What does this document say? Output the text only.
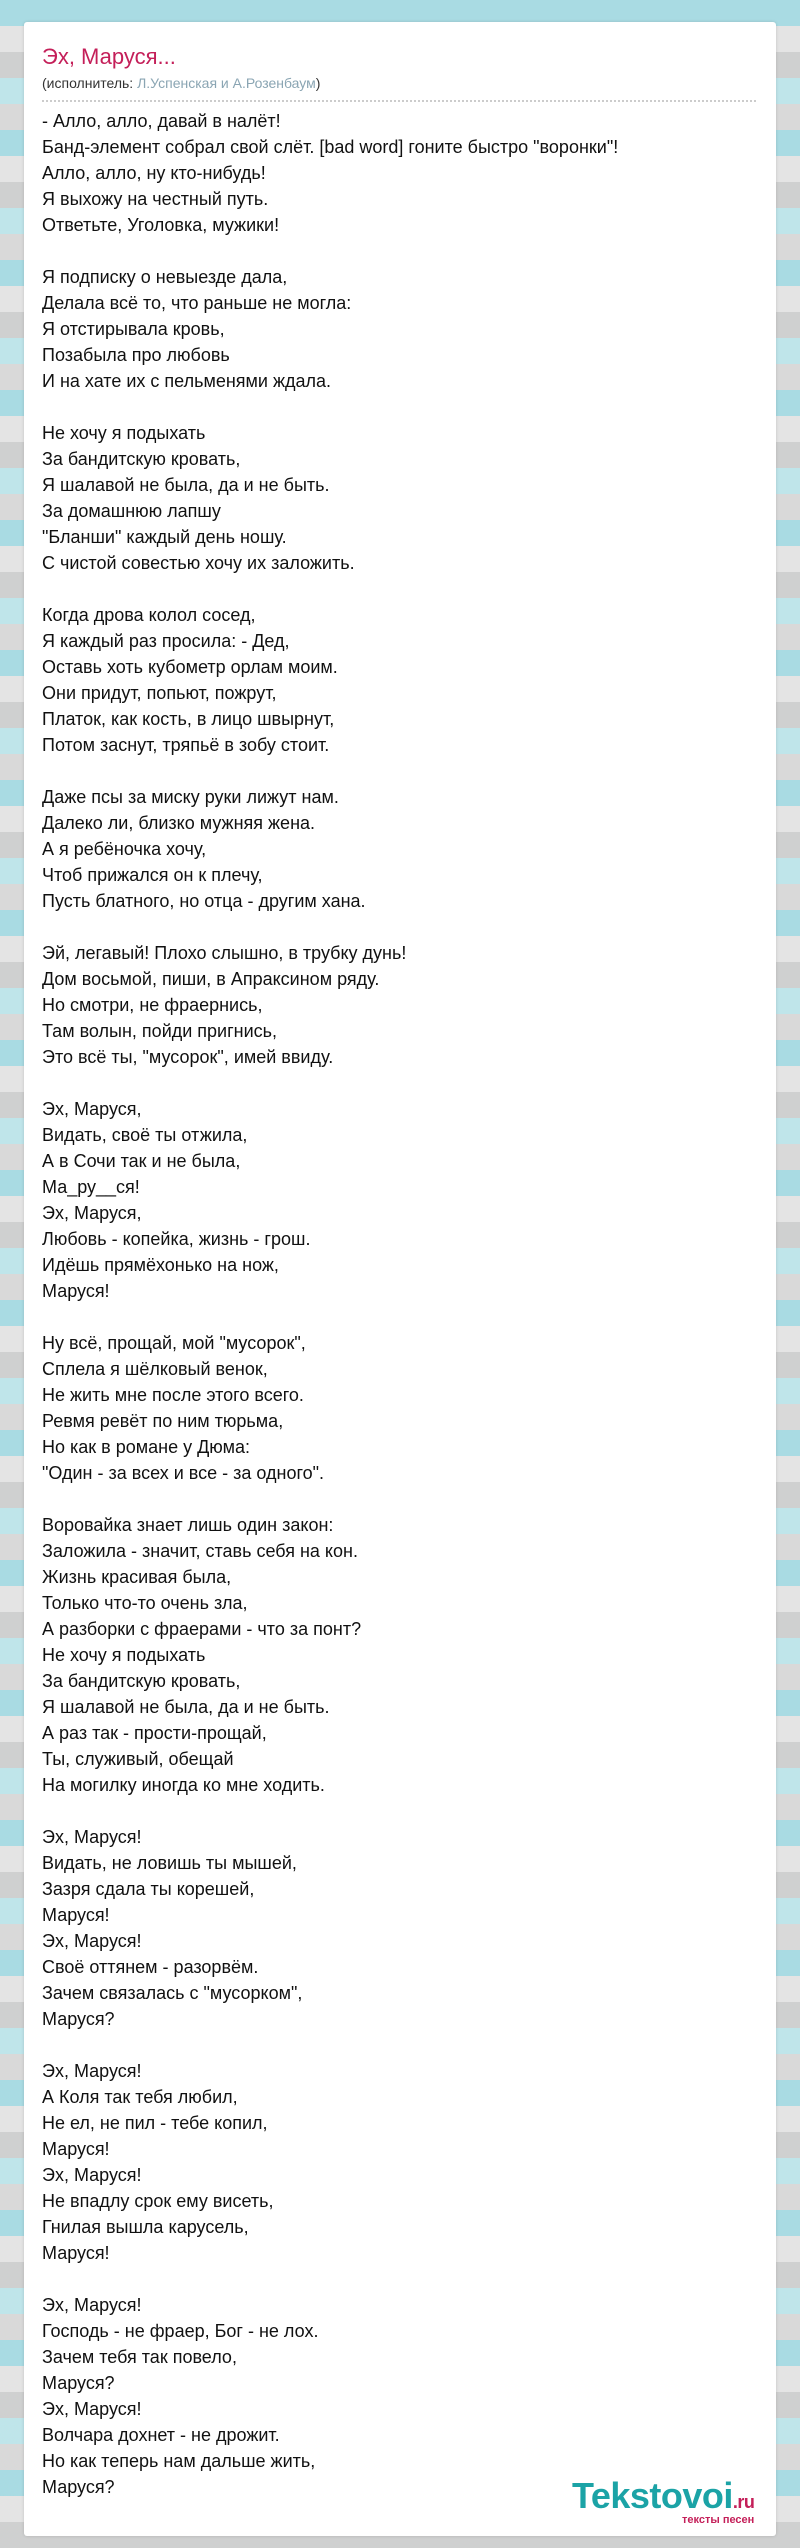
Эх, Маруся...
(исполнитель: Л.Успенская и А.Розенбаум)
- Алло, алло, давай в налёт!
Банд-элемент собрал свой слёт. [bad word] гоните быстро "воронки"!
Алло, алло, ну кто-нибудь!
Я выхожу на честный путь.
Ответьте, Уголовка, мужики!
Я подписку о невыезде дала,
Делала всё то, что раньше не могла:
Я отстирывала кровь,
Позабыла про любовь
И на хате их с пельменями ждала.
Не хочу я подыхать
За бандитскую кровать,
Я шалавой не была, да и не быть.
За домашнюю лапшу
"Бланши" каждый день ношу.
С чистой совестью хочу их заложить.
Когда дрова колол сосед,
Я каждый раз просила: - Дед,
Оставь хоть кубометр орлам моим.
Они придут, попьют, пожрут,
Платок, как кость, в лицо швырнут,
Потом заснут, тряпьё в зобу стоит.
Даже псы за миску руки лижут нам.
Далеко ли, близко мужняя жена.
А я ребёночка хочу,
Чтоб прижался он к плечу,
Пусть блатного, но отца - другим хана.
Эй, легавый! Плохо слышно, в трубку дунь!
Дом восьмой, пиши, в Апраксином ряду.
Но смотри, не фраернись,
Там волын, пойди пригнись,
Это всё ты, "мусорок", имей ввиду.
Эх, Маруся,
Видать, своё ты отжила,
А в Сочи так и не была,
Ма_ру__ся!
Эх, Маруся,
Любовь - копейка, жизнь - грош.
Идёшь прямёхонько на нож,
Маруся!
Ну всё, прощай, мой "мусорок",
Сплела я шёлковый венок,
Не жить мне после этого всего.
Ревмя ревёт по ним тюрьма,
Но как в романе у Дюма:
"Один - за всех и все - за одного".
Воровайка знает лишь один закон:
Заложила - значит, ставь себя на кон.
Жизнь красивая была,
Только что-то очень зла,
А разборки с фраерами - что за понт?
Не хочу я подыхать
За бандитскую кровать,
Я шалавой не была, да и не быть.
А раз так - прости-прощай,
Ты, служивый, обещай
На могилку иногда ко мне ходить.
Эх, Маруся!
Видать, не ловишь ты мышей,
Зазря сдала ты корешей,
Маруся!
Эх, Маруся!
Своё оттянем - разорвём.
Зачем связалась с "мусорком",
Маруся?
Эх, Маруся!
А Коля так тебя любил,
Не ел, не пил - тебе копил,
Маруся!
Эх, Маруся!
Не впадлу срок ему висеть,
Гнилая вышла карусель,
Маруся!
Эх, Маруся!
Господь - не фраер, Бог - не лох.
Зачем тебя так повело,
Маруся?
Эх, Маруся!
Волчара дохнет - не дрожит.
Но как теперь нам дальше жить,
Маруся?	Tekstovoi.ru
тексты песен
